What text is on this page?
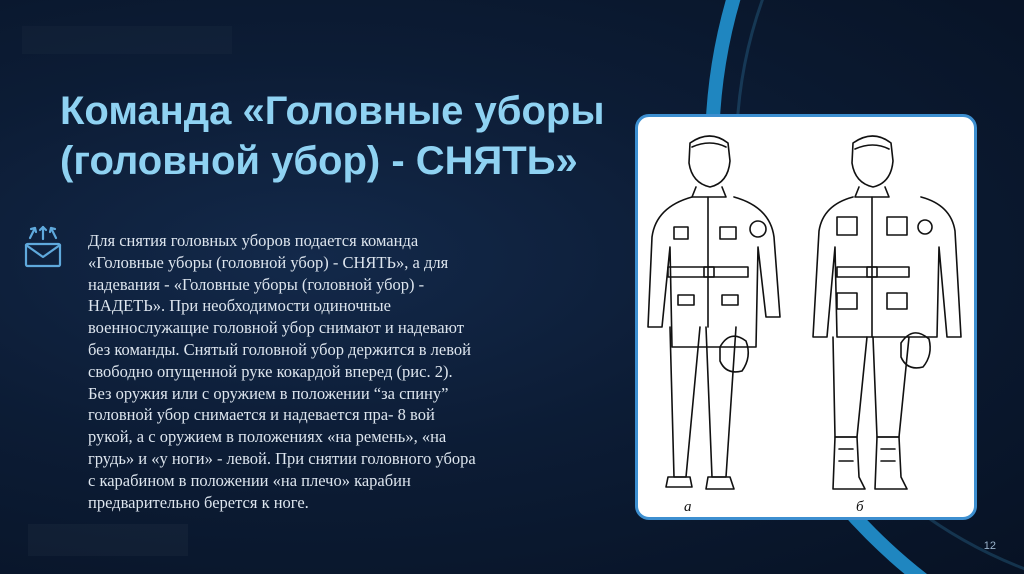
Команда «Головные уборы
(головной убор) - СНЯТЬ»
Для снятия головных уборов подается команда
«Головные уборы (головной убор) - СНЯТЬ», а для
надевания - «Головные уборы (головной убор) -
НАДЕТЬ». При необходимости одиночные
военнослужащие головной убор снимают и надевают
без команды. Снятый головной убор держится в левой
свободно опущенной руке кокардой вперед (рис. 2).
Без оружия или с оружием в положении “за спину”
головной убор снимается и надевается пра- 8 вой
рукой, а с оружием в положениях «на ремень», «на
грудь» и «у ноги» - левой. При снятии головного убора
с карабином в положении «на плечо» карабин
предварительно берется к ноге.	а	б
12
